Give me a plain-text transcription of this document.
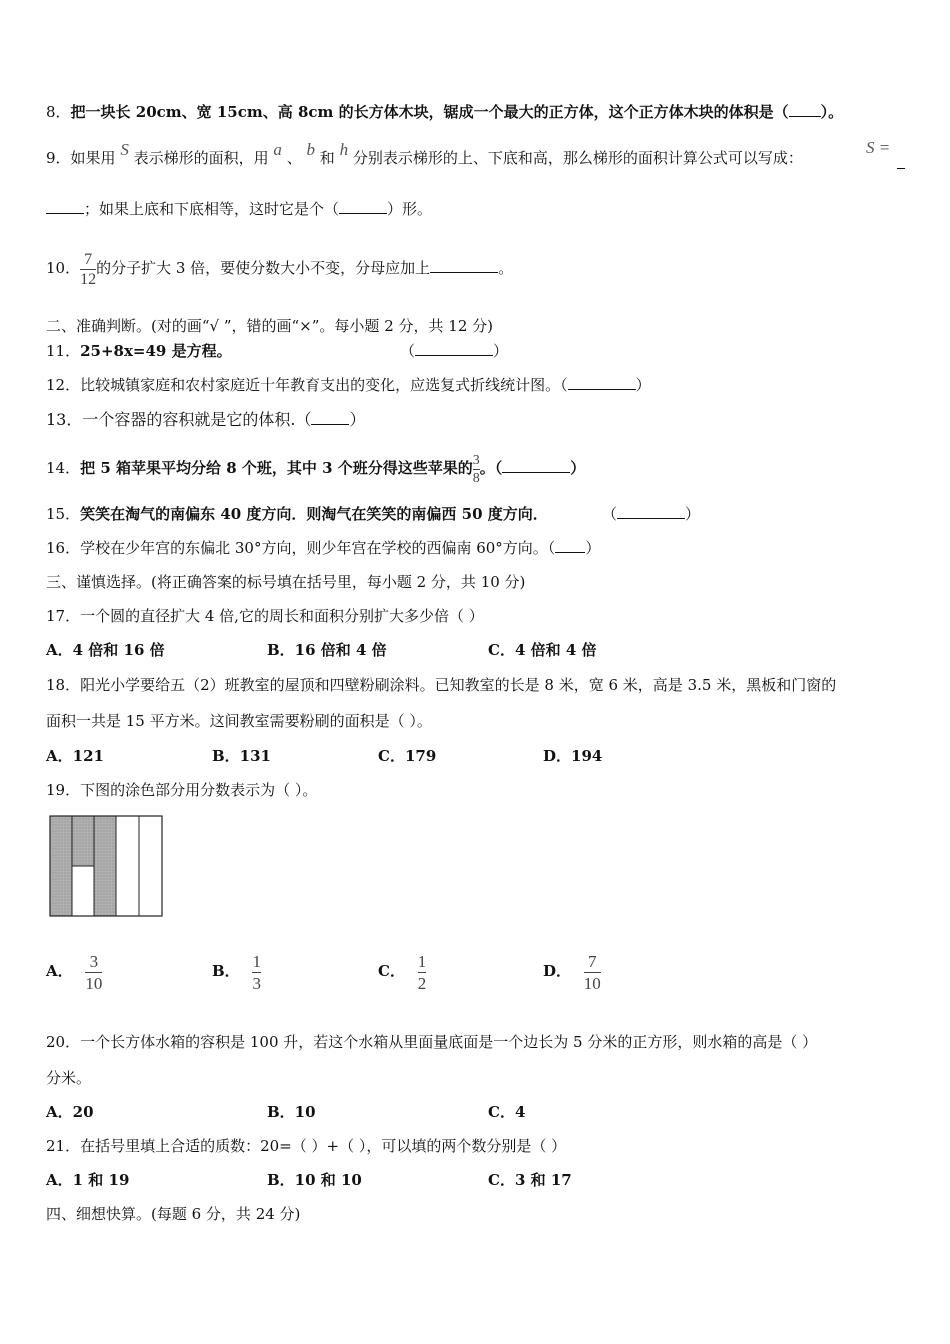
8．把一块长 20cm、宽 15cm、高 8cm 的长方体木块，锯成一个最大的正方体，这个正方体木块的体积是（ ）。
9．如果用 S 表示梯形的面积，用 a 、 b 和 h 分别表示梯形的上、下底和高，那么梯形的面积计算公式可以写成：
S =
；如果上底和下底相等，这时它是个（	）形。
10． $\frac{7}{12}$ 的分子扩大 3 倍，要使分数大小不变，分母应加上	。
二、准确判断。(对的画“√ ”，错的画“×”。每小题 2 分，共 12 分)
11．25+8x=49 是方程。	（	）
12．比较城镇家庭和农村家庭近十年教育支出的变化，应选复式折线统计图。（	）
13．一个容器的容积就是它的体积.（ ）
14．把 5 箱苹果平均分给 8 个班，其中 3 个班分得这些苹果的 $\frac{3}{8}$ 。（	）
15．笑笑在淘气的南偏东 40 度方向．则淘气在笑笑的南偏西 50 度方向．	（	）
16．学校在少年宫的东偏北 30°方向，则少年宫在学校的西偏南 60°方向。（ ）
三、谨慎选择。(将正确答案的标号填在括号里，每小题 2 分，共 10 分)
17．一个圆的直径扩大 4 倍,它的周长和面积分别扩大多少倍（ ）
A．4 倍和 16 倍	B．16 倍和 4 倍	C．4 倍和 4 倍
18．阳光小学要给五（2）班教室的屋顶和四壁粉刷涂料。已知教室的长是 8 米，宽 6 米，高是 3.5 米，黑板和门窗的
面积一共是 15 平方米。这间教室需要粉刷的面积是（ ）。
A．121	B．131	C．179	D．194
19．下图的涂色部分用分数表示为（ ）。
A． $\frac{3}{10}$	B． $\frac{1}{3}$	C． $\frac{1}{2}$	D． $\frac{7}{10}$
20．一个长方体水箱的容积是 100 升，若这个水箱从里面量底面是一个边长为 5 分米的正方形，则水箱的高是（ ）
分米。
A．20	B．10	C．4
21．在括号里填上合适的质数：20=（ ）+（ ），可以填的两个数分别是（ ）
A．1 和 19	B．10 和 10	C．3 和 17
四、细想快算。(每题 6 分，共 24 分)
